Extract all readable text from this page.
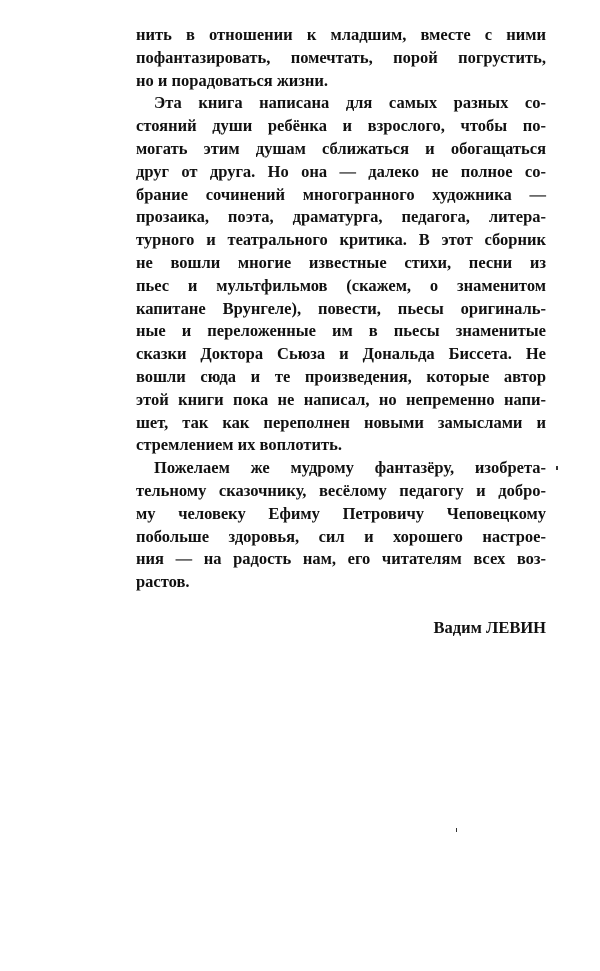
нить в отношении к младшим, вместе с ними
пофантазировать, помечтать, порой погрустить,
но и порадоваться жизни.
Эта книга написана для самых разных со-
стояний души ребёнка и взрослого, чтобы по-
могать этим душам сближаться и обогащаться
друг от друга. Но она — далеко не полное со-
брание сочинений многогранного художника —
прозаика, поэта, драматурга, педагога, литера-
турного и театрального критика. В этот сборник
не вошли многие известные стихи, песни из
пьес и мультфильмов (скажем, о знаменитом
капитане Врунгеле), повести, пьесы оригиналь-
ные и переложенные им в пьесы знаменитые
сказки Доктора Сьюза и Дональда Биссета. Не
вошли сюда и те произведения, которые автор
этой книги пока не написал, но непременно напи-
шет, так как переполнен новыми замыслами и
стремлением их воплотить.
Пожелаем же мудрому фантазёру, изобрета-
тельному сказочнику, весёлому педагогу и добро-
му человеку Ефиму Петровичу Чеповецкому
побольше здоровья, сил и хорошего настрое-
ния — на радость нам, его читателям всех воз-
растов.
Вадим ЛЕВИН
